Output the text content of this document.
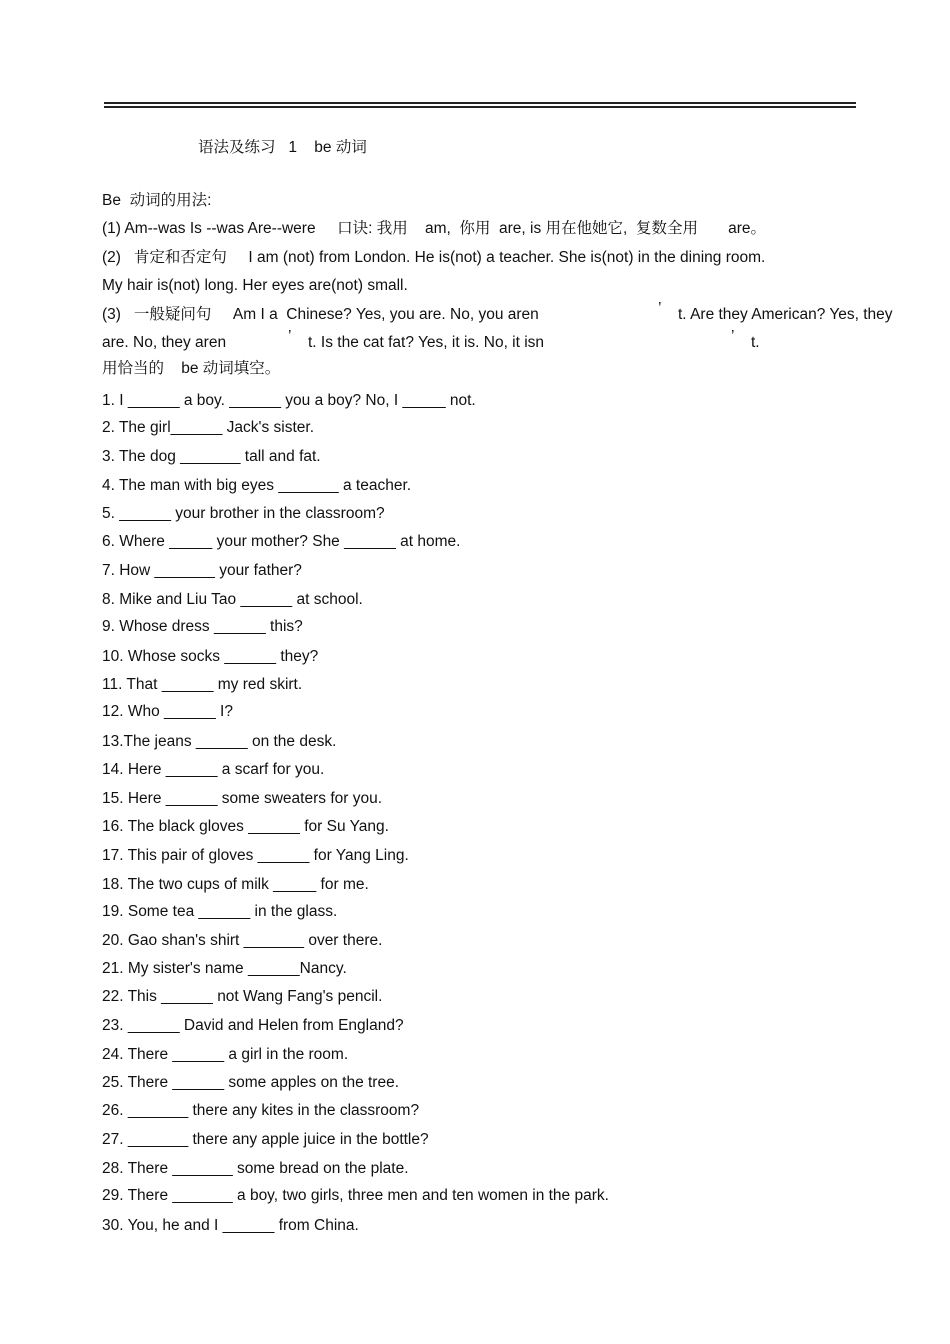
语法及练习   1    be 动词
Be  动词的用法:
(1) Am--was Is --was Are--were     口诀: 我用    am,  你用  are, is 用在他她它,  复数全用       are。
(2)   肯定和否定句     I am (not) from London. He is(not) a teacher. She is(not) in the dining room.
My hair is(not) long. Her eyes are(not) small.
(3)   一般疑问句     Am I a  Chinese? Yes, you are. No, you aren	’ t. Are they American? Yes, they
are. No, they aren	’ t. Is the cat fat? Yes, it is. No, it isn	’ t.
用恰当的    be 动词填空。
1. I ______ a boy. ______ you a boy? No, I _____ not.
2. The girl______ Jack's sister.
3. The dog _______ tall and fat.
4. The man with big eyes _______ a teacher.
5. ______ your brother in the classroom?
6. Where _____ your mother? She ______ at home.
7. How _______ your father?
8. Mike and Liu Tao ______ at school.
9. Whose dress ______ this?
10. Whose socks ______ they?
11. That ______ my red skirt.
12. Who ______ I?
13.The jeans ______ on the desk.
14. Here ______ a scarf for you.
15. Here ______ some sweaters for you.
16. The black gloves ______ for Su Yang.
17. This pair of gloves ______ for Yang Ling.
18. The two cups of milk _____ for me.
19. Some tea ______ in the glass.
20. Gao shan's shirt _______ over there.
21. My sister's name ______Nancy.
22. This ______ not Wang Fang's pencil.
23. ______ David and Helen from England?
24. There ______ a girl in the room.
25. There ______ some apples on the tree.
26. _______ there any kites in the classroom?
27. _______ there any apple juice in the bottle?
28. There _______ some bread on the plate.
29. There _______ a boy, two girls, three men and ten women in the park.
30. You, he and I ______ from China.
